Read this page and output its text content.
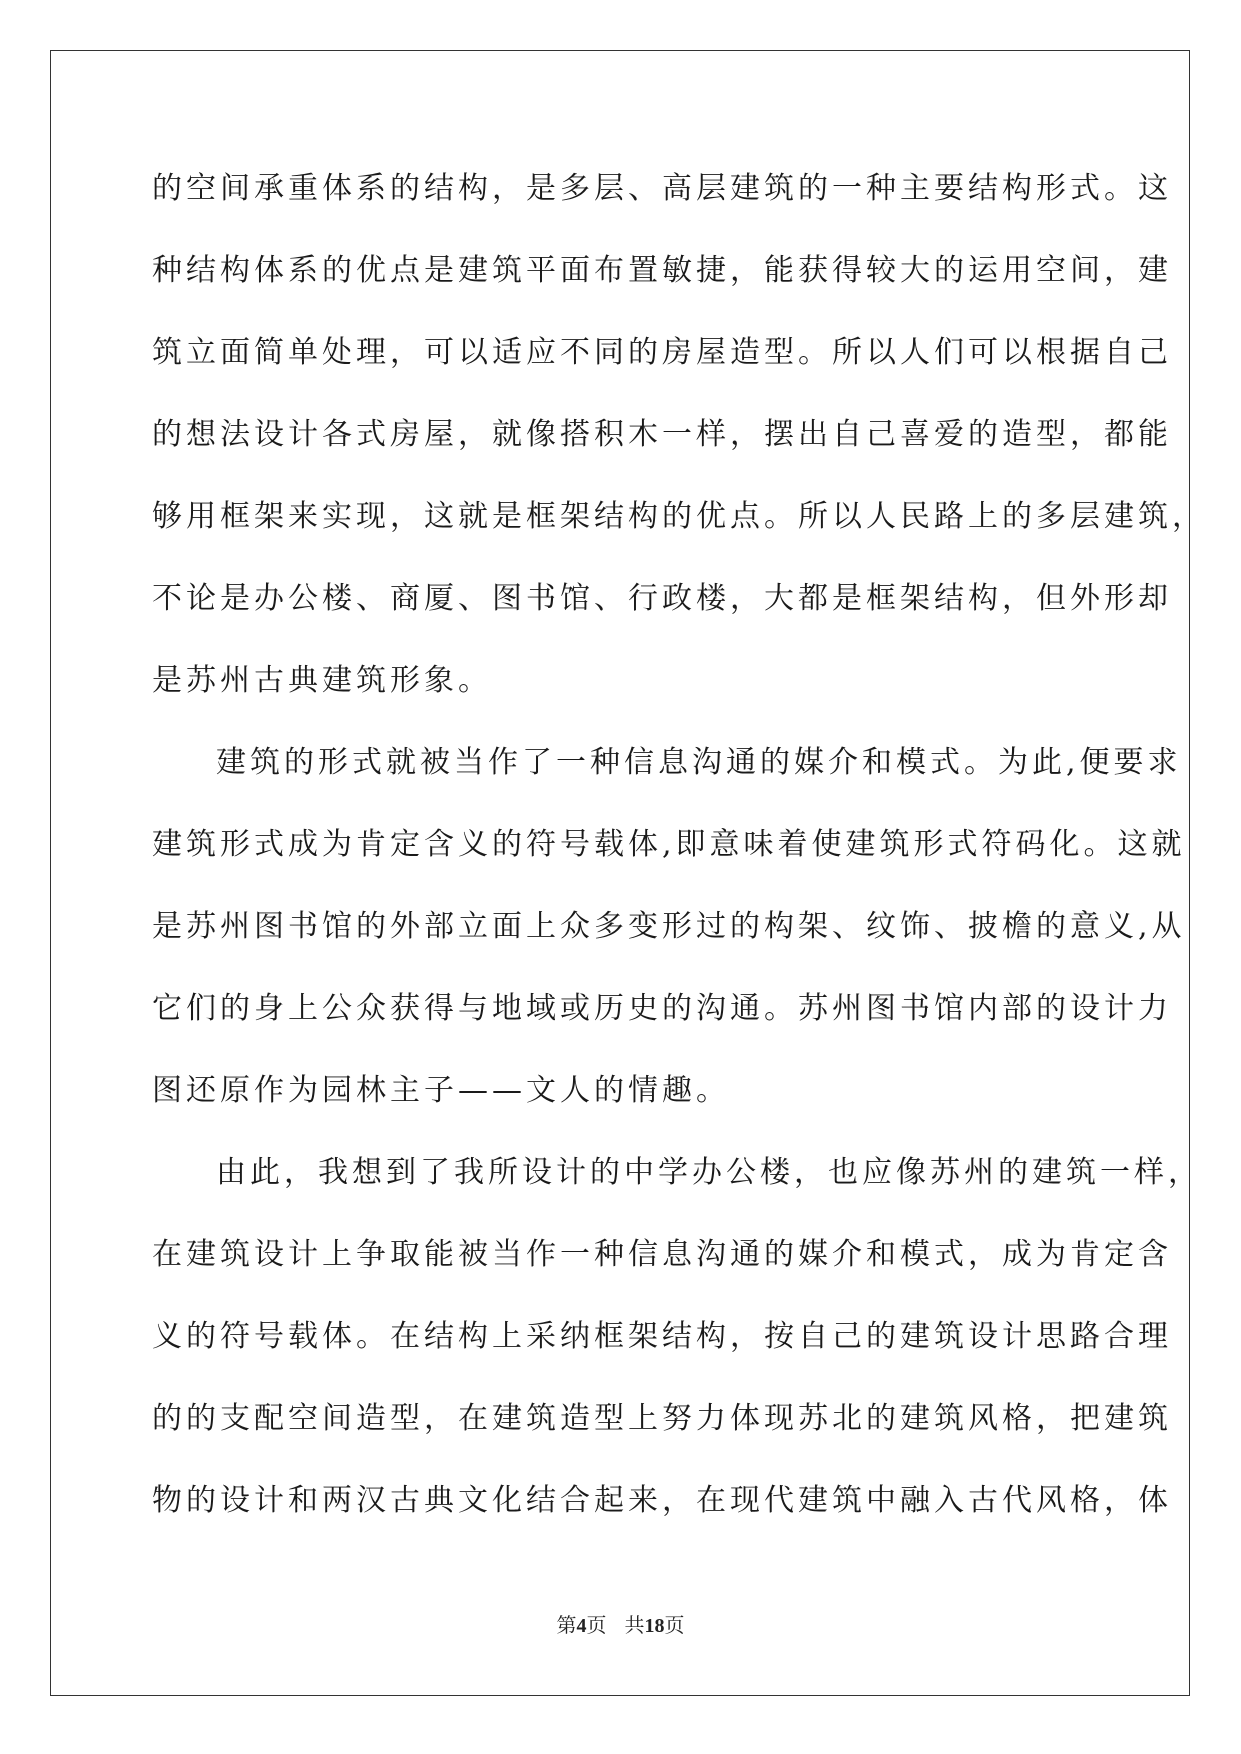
的空间承重体系的结构，是多层、高层建筑的一种主要结构形式。这
种结构体系的优点是建筑平面布置敏捷，能获得较大的运用空间，建
筑立面简单处理，可以适应不同的房屋造型。所以人们可以根据自己
的想法设计各式房屋，就像搭积木一样，摆出自己喜爱的造型，都能
够用框架来实现，这就是框架结构的优点。所以人民路上的多层建筑，
不论是办公楼、商厦、图书馆、行政楼，大都是框架结构，但外形却
是苏州古典建筑形象。
建筑的形式就被当作了一种信息沟通的媒介和模式。为此,便要求
建筑形式成为肯定含义的符号载体,即意味着使建筑形式符码化。这就
是苏州图书馆的外部立面上众多变形过的构架、纹饰、披檐的意义,从
它们的身上公众获得与地域或历史的沟通。苏州图书馆内部的设计力
图还原作为园林主子——文人的情趣。
由此，我想到了我所设计的中学办公楼，也应像苏州的建筑一样，
在建筑设计上争取能被当作一种信息沟通的媒介和模式，成为肯定含
义的符号载体。在结构上采纳框架结构，按自己的建筑设计思路合理
的的支配空间造型，在建筑造型上努力体现苏北的建筑风格，把建筑
物的设计和两汉古典文化结合起来，在现代建筑中融入古代风格，体
第4页 共18页
